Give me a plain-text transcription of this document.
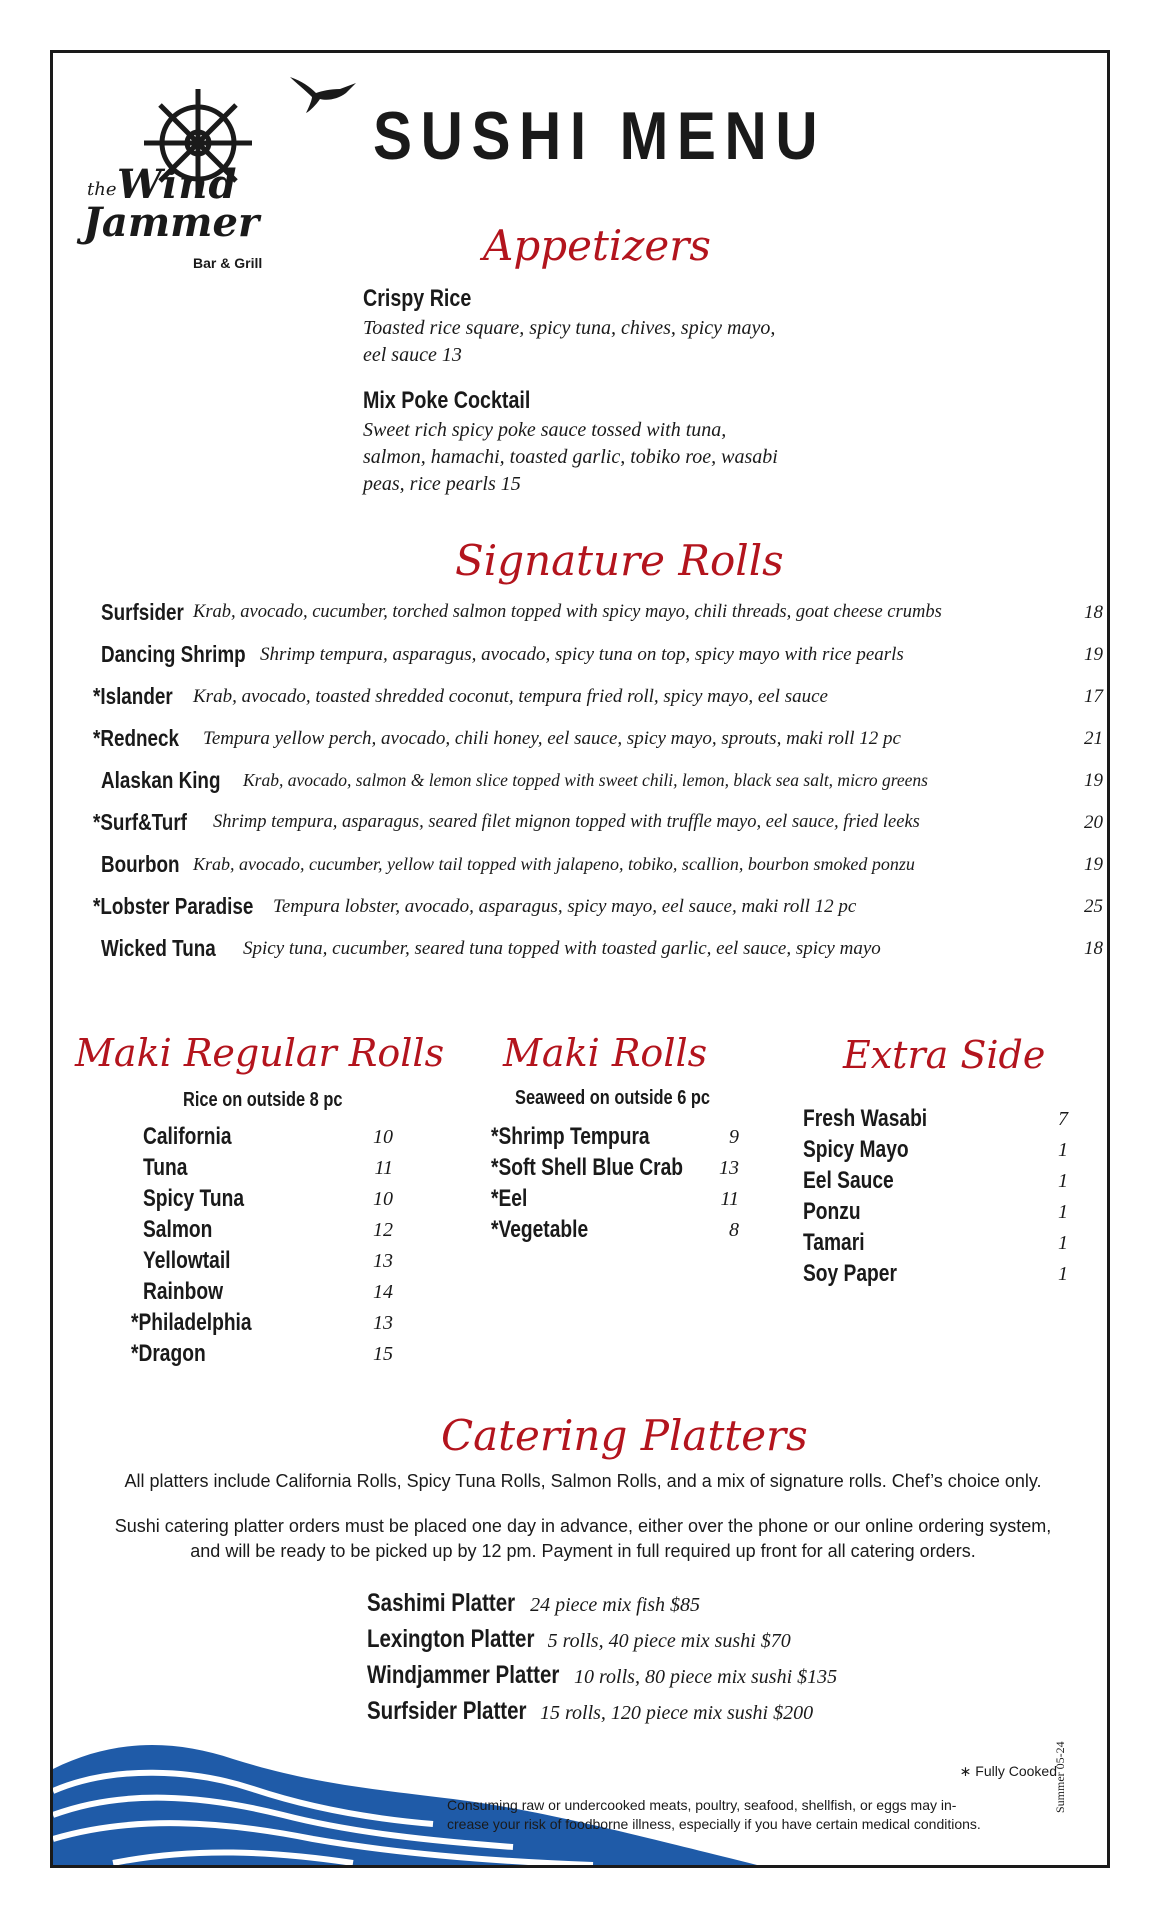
the Wind
Jammer
Bar & Grill
SUSHI MENU
Appetizers
Crispy Rice
Toasted rice square, spicy tuna, chives, spicy mayo,
eel sauce 13
Mix Poke Cocktail
Sweet rich spicy poke sauce tossed with tuna,
salmon, hamachi, toasted garlic, tobiko roe, wasabi
peas, rice pearls 15
Signature Rolls
Surfsider Krab, avocado, cucumber, torched salmon topped with spicy mayo, chili threads, goat cheese crumbs	18
Dancing Shrimp Shrimp tempura, asparagus, avocado, spicy tuna on top, spicy mayo with rice pearls	19
*Islander Krab, avocado, toasted shredded coconut, tempura fried roll, spicy mayo, eel sauce	17
*Redneck Tempura yellow perch, avocado, chili honey, eel sauce, spicy mayo, sprouts, maki roll 12 pc	21
Alaskan King Krab, avocado, salmon & lemon slice topped with sweet chili, lemon, black sea salt, micro greens	19
*Surf&Turf Shrimp tempura, asparagus, seared filet mignon topped with truffle mayo, eel sauce, fried leeks	20
Bourbon Krab, avocado, cucumber, yellow tail topped with jalapeno, tobiko, scallion, bourbon smoked ponzu	19
*Lobster Paradise Tempura lobster, avocado, asparagus, spicy mayo, eel sauce, maki roll 12 pc	25
Wicked Tuna Spicy tuna, cucumber, seared tuna topped with toasted garlic, eel sauce, spicy mayo	18
Maki Regular Rolls
Rice on outside 8 pc
California	10
Tuna	11
Spicy Tuna	10
Salmon	12
Yellowtail	13
Rainbow	14
*Philadelphia	13
*Dragon	15
Maki Rolls
Seaweed on outside 6 pc
*Shrimp Tempura	9
*Soft Shell Blue Crab 13
*Eel	11
*Vegetable	8
Extra Side
Fresh Wasabi	7
Spicy Mayo	1
Eel Sauce	1
Ponzu	1
Tamari	1
Soy Paper	1
Catering Platters
All platters include California Rolls, Spicy Tuna Rolls, Salmon Rolls, and a mix of signature rolls. Chef’s choice only.
Sushi catering platter orders must be placed one day in advance, either over the phone or our online ordering system,
and will be ready to be picked up by 12 pm. Payment in full required up front for all catering orders.
Sashimi Platter 24 piece mix fish $85
Lexington Platter 5 rolls, 40 piece mix sushi $70
Windjammer Platter 10 rolls, 80 piece mix sushi $135
Surfsider Platter 15 rolls, 120 piece mix sushi $200
∗ Fully Cooked
Consuming raw or undercooked meats, poultry, seafood, shellfish, or eggs may in-
crease your risk of foodborne illness, especially if you have certain medical conditions.
Summer 05-24
